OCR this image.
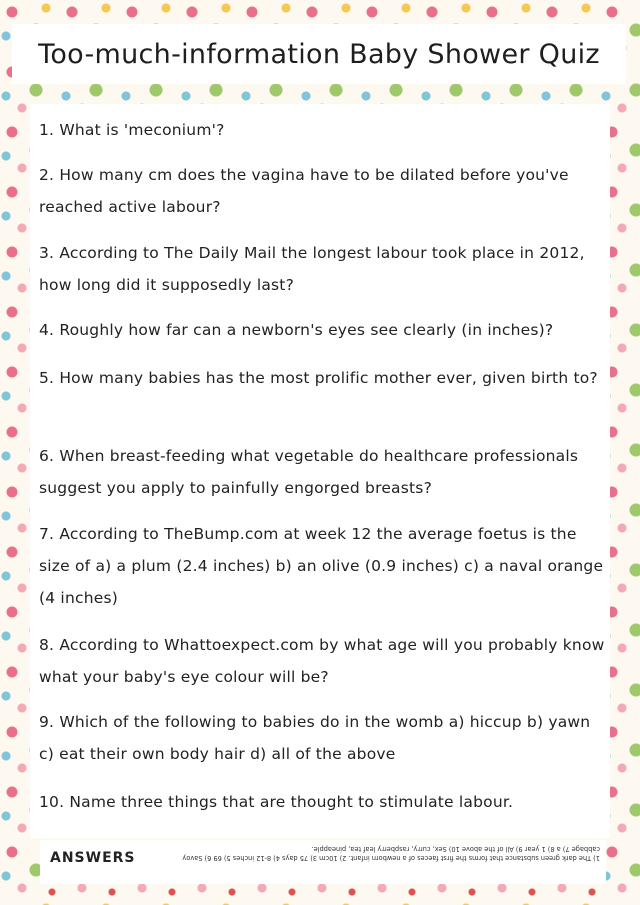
Too-much-information Baby Shower Quiz
1. What is 'meconium'?
2. How many cm does the vagina have to be dilated before you've reached active labour?
3. According to The Daily Mail the longest labour took place in 2012, how long did it supposedly last?
4. Roughly how far can a newborn's eyes see clearly (in inches)?
5. How many babies has the most prolific mother ever, given birth to?
6. When breast-feeding what vegetable do healthcare professionals suggest you apply to painfully engorged breasts?
7. According to TheBump.com at week 12 the average foetus is the size of a) a plum (2.4 inches) b) an olive (0.9 inches) c) a naval orange (4 inches)
8. According to Whattoexpect.com by what age will you probably know what your baby's eye colour will be?
9. Which of the following to babies do in the womb a) hiccup b) yawn c) eat their own body hair d) all of the above
10. Name three things that are thought to stimulate labour.
ANSWERS	1) The dark green substance that forms the first faeces of a newborn infant. 2) 10cm 3) 75 days 4) 8-12 inches 5) 69 6) Savoy cabbage 7) a 8) 1 year 9) All of the above 10) Sex, curry, raspberry leaf tea, pineapple.
